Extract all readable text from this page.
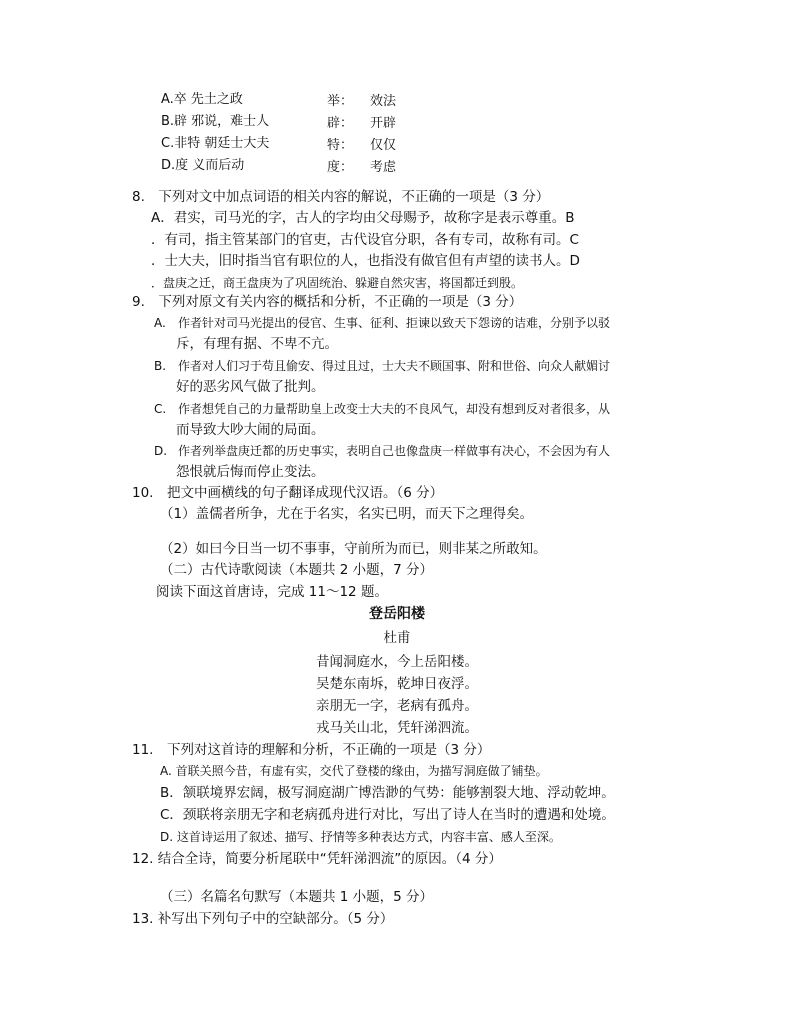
A.卒 先土之政	举： 效法
B.辟 邪说，难士人	辟： 开辟
C.非特 朝廷士大夫	特： 仅仅
D.度 义而后动	度： 考虑
8.　下列对文中加点词语的相关内容的解说，不正确的一项是（3 分）
A．君实，司马光的字，古人的字均由父母赐予，故称字是表示尊重。B
．有司，指主管某部门的官吏，古代设官分职，各有专司，故称有司。C
．士大夫，旧时指当官有职位的人，也指没有做官但有声望的读书人。D
．盘庚之迁，商王盘庚为了巩固统治、躲避自然灾害，将国都迁到殷。
9.　下列对原文有关内容的概括和分析，不正确的一项是（3 分）
A. 作者针对司马光提出的侵官、生事、征利、拒谏以致天下怨谤的诘难，分别予以驳
斥，有理有据、不卑不亢。
B. 作者对人们习于苟且偷安、得过且过，士大夫不顾国事、附和世俗、向众人献媚讨
好的恶劣风气做了批判。
C. 作者想凭自己的力量帮助皇上改变士大夫的不良风气，却没有想到反对者很多，从
而导致大吵大闹的局面。
D. 作者列举盘庚迁都的历史事实，表明自己也像盘庚一样做事有决心，不会因为有人
怨恨就后悔而停止变法。
10.　把文中画横线的句子翻译成现代汉语。（6 分）
（1）盖儒者所争，尤在于名实，名实已明，而天下之理得矣。
（2）如曰今日当一切不事事，守前所为而已，则非某之所敢知。
（二）古代诗歌阅读（本题共 2 小题，7 分）
阅读下面这首唐诗，完成 11～12 题。
登岳阳楼
杜甫
昔闻洞庭水，今上岳阳楼。
吴楚东南坼，乾坤日夜浮。
亲朋无一字，老病有孤舟。
戎马关山北，凭轩涕泗流。
11.　下列对这首诗的理解和分析，不正确的一项是（3 分）
A. 首联关照今昔，有虚有实，交代了登楼的缘由，为描写洞庭做了铺垫。
B．颔联境界宏阔，极写洞庭湖广博浩渺的气势：能够割裂大地、浮动乾坤。
C．颈联将亲朋无字和老病孤舟进行对比，写出了诗人在当时的遭遇和处境。
D. 这首诗运用了叙述、描写、抒情等多种表达方式，内容丰富、感人至深。
12. 结合全诗，简要分析尾联中“凭轩涕泗流”的原因。（4 分）
（三）名篇名句默写（本题共 1 小题，5 分）
13. 补写出下列句子中的空缺部分。（5 分）
